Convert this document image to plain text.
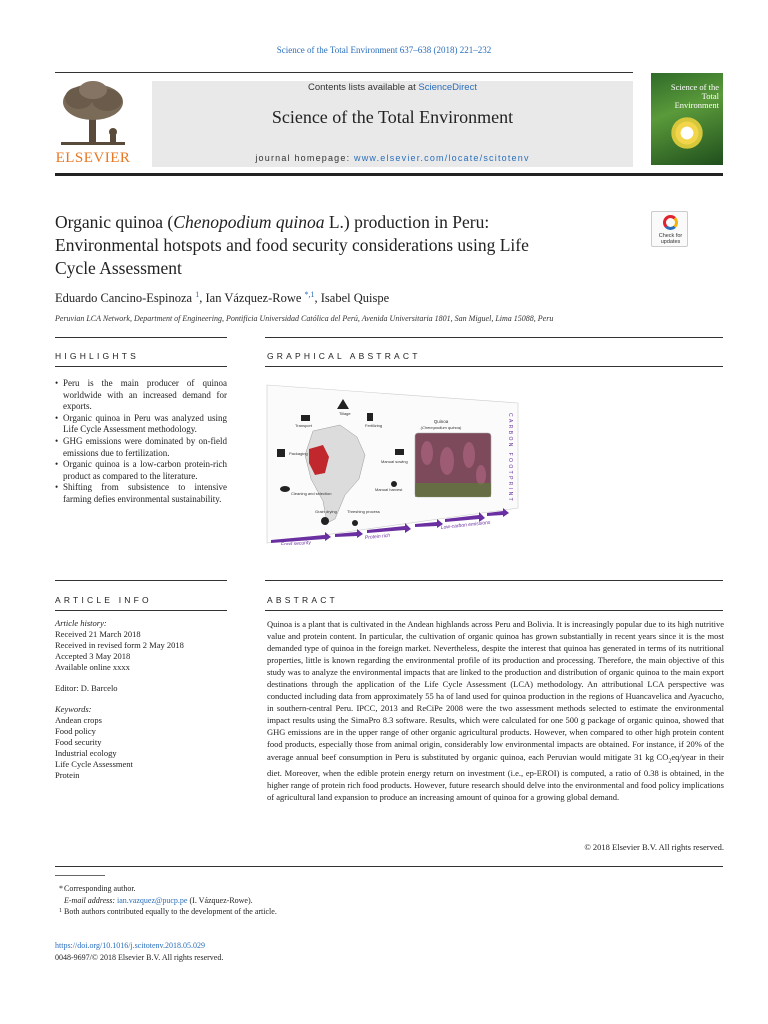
Science of the Total Environment 637–638 (2018) 221–232
ELSEVIER
Contents lists available at ScienceDirect
Science of the Total Environment
journal homepage: www.elsevier.com/locate/scitotenv
Science of the Total Environment
Organic quinoa (Chenopodium quinoa L.) production in Peru: Environmental hotspots and food security considerations using Life Cycle Assessment
Check for updates
Eduardo Cancino-Espinoza $^1$, Ian Vázquez-Rowe $^{*,1}$, Isabel Quispe
Peruvian LCA Network, Department of Engineering, Pontificia Universidad Católica del Perú, Avenida Universitaria 1801, San Miguel, Lima 15088, Peru
HIGHLIGHTS	GRAPHICAL ABSTRACT
• Peru is the main producer of quinoa worldwide with an increased demand for exports.
• Organic quinoa in Peru was analyzed using Life Cycle Assessment methodology.
• GHG emissions were dominated by on-field emissions due to fertilization.
• Organic quinoa is a low-carbon protein-rich product as compared to the literature.
• Shifting from subsistence to intensive farming defies environmental sustainability.
Tillage
Fertilizing
Transport
Packaging
Manual sowing
Cleaning and selection
Manual harvest
Grain drying	Threshing process
Quinoa
(Chenopodium quinoa)	CARBON FOOTPRINT
Food security
Protein rich
Low-carbon emissions
ARTICLE INFO	ABSTRACT
Article history:
Received 21 March 2018
Received in revised form 2 May 2018
Accepted 3 May 2018
Available online xxxx
Editor: D. Barcelo
Keywords:
Andean crops
Food policy
Food security
Industrial ecology
Life Cycle Assessment
Protein
Quinoa is a plant that is cultivated in the Andean highlands across Peru and Bolivia. It is increasingly popular due to its high nutritive value and protein content. In particular, the cultivation of organic quinoa has grown substantially in recent years since it is the most demanded type of quinoa in the foreign market. Nevertheless, despite the interest that quinoa has generated in terms of its nutritional properties, little is known regarding the environmental profile of its production and processing. Therefore, the main objective of this study was to analyze the environmental impacts that are linked to the production and distribution of organic quinoa to the main export destinations through the application of the Life Cycle Assessment (LCA) methodology. An attributional LCA perspective was conducted including data from approximately 55 ha of land used for quinoa production in the regions of Huancavelica and Ayacucho, in southern-central Peru. IPCC, 2013 and ReCiPe 2008 were the two assessment methods selected to estimate the environmental impact results using the SimaPro 8.3 software. Results, which were calculated for one 500 g package of organic quinoa, showed that GHG emissions are in the upper range of other organic agricultural products. However, when compared to other high protein content food products, especially those from animal origin, considerably low environmental impacts are obtained. For instance, if 20% of the average annual beef consumption in Peru is substituted by organic quinoa, each Peruvian would mitigate 31 kg $CO_2eq$/year in their diet. Moreover, when the edible protein energy return on investment (i.e., ep-EROI) is computed, a ratio of 0.38 is obtained, in the higher range of protein rich food products. However, future research should delve into the environmental and food policy implications of agricultural land expansion to produce an increasing amount of quinoa for a growing global demand.
© 2018 Elsevier B.V. All rights reserved.
*Corresponding author.
E-mail address: ian.vazquez@pucp.pe (I. Vázquez-Rowe).
1 Both authors contributed equally to the development of the article.
https://doi.org/10.1016/j.scitotenv.2018.05.029
0048-9697/© 2018 Elsevier B.V. All rights reserved.
